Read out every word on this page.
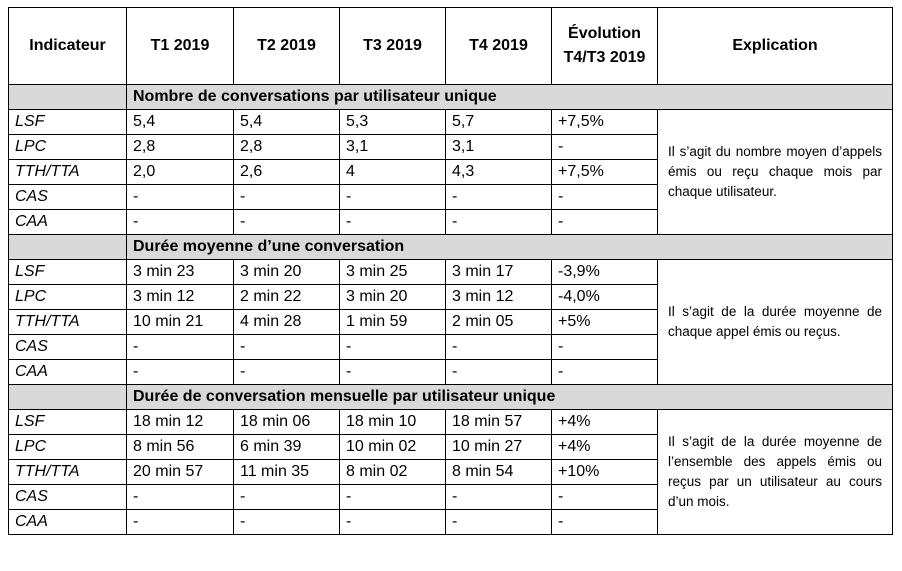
Indicateur	T1 2019	T2 2019	T3 2019	T4 2019	Évolution T4/T3 2019	Explication
	Nombre de conversations par utilisateur unique					
LSF	5,4	5,4	5,3	5,7	+7,5%	Il s’agit du nombre moyen d’appels émis ou reçu chaque mois par chaque utilisateur.
LPC	2,8	2,8	3,1	3,1	-	
TTH/TTA	2,0	2,6	4	4,3	+7,5%	
CAS	-	-	-	-	-	
CAA	-	-	-	-	-	
	Durée moyenne d’une conversation					
LSF	3 min 23	3 min 20	3 min 25	3 min 17	-3,9%	Il s’agit de la durée moyenne de chaque appel émis ou reçus.
LPC	3 min 12	2 min 22	3 min 20	3 min 12	-4,0%	
TTH/TTA	10 min 21	4 min 28	1 min 59	2 min 05	+5%	
CAS	-	-	-	-	-	
CAA	-	-	-	-	-	
	Durée de conversation mensuelle par utilisateur unique					
LSF	18 min 12	18 min 06	18 min 10	18 min 57	+4%	Il s’agit de la durée moyenne de l’ensemble des appels émis ou reçus par un utilisateur au cours d’un mois.
LPC	8 min 56	6 min 39	10 min 02	10 min 27	+4%	
TTH/TTA	20 min 57	11 min 35	8 min 02	8 min 54	+10%	
CAS	-	-	-	-	-	
CAA	-	-	-	-	-	
